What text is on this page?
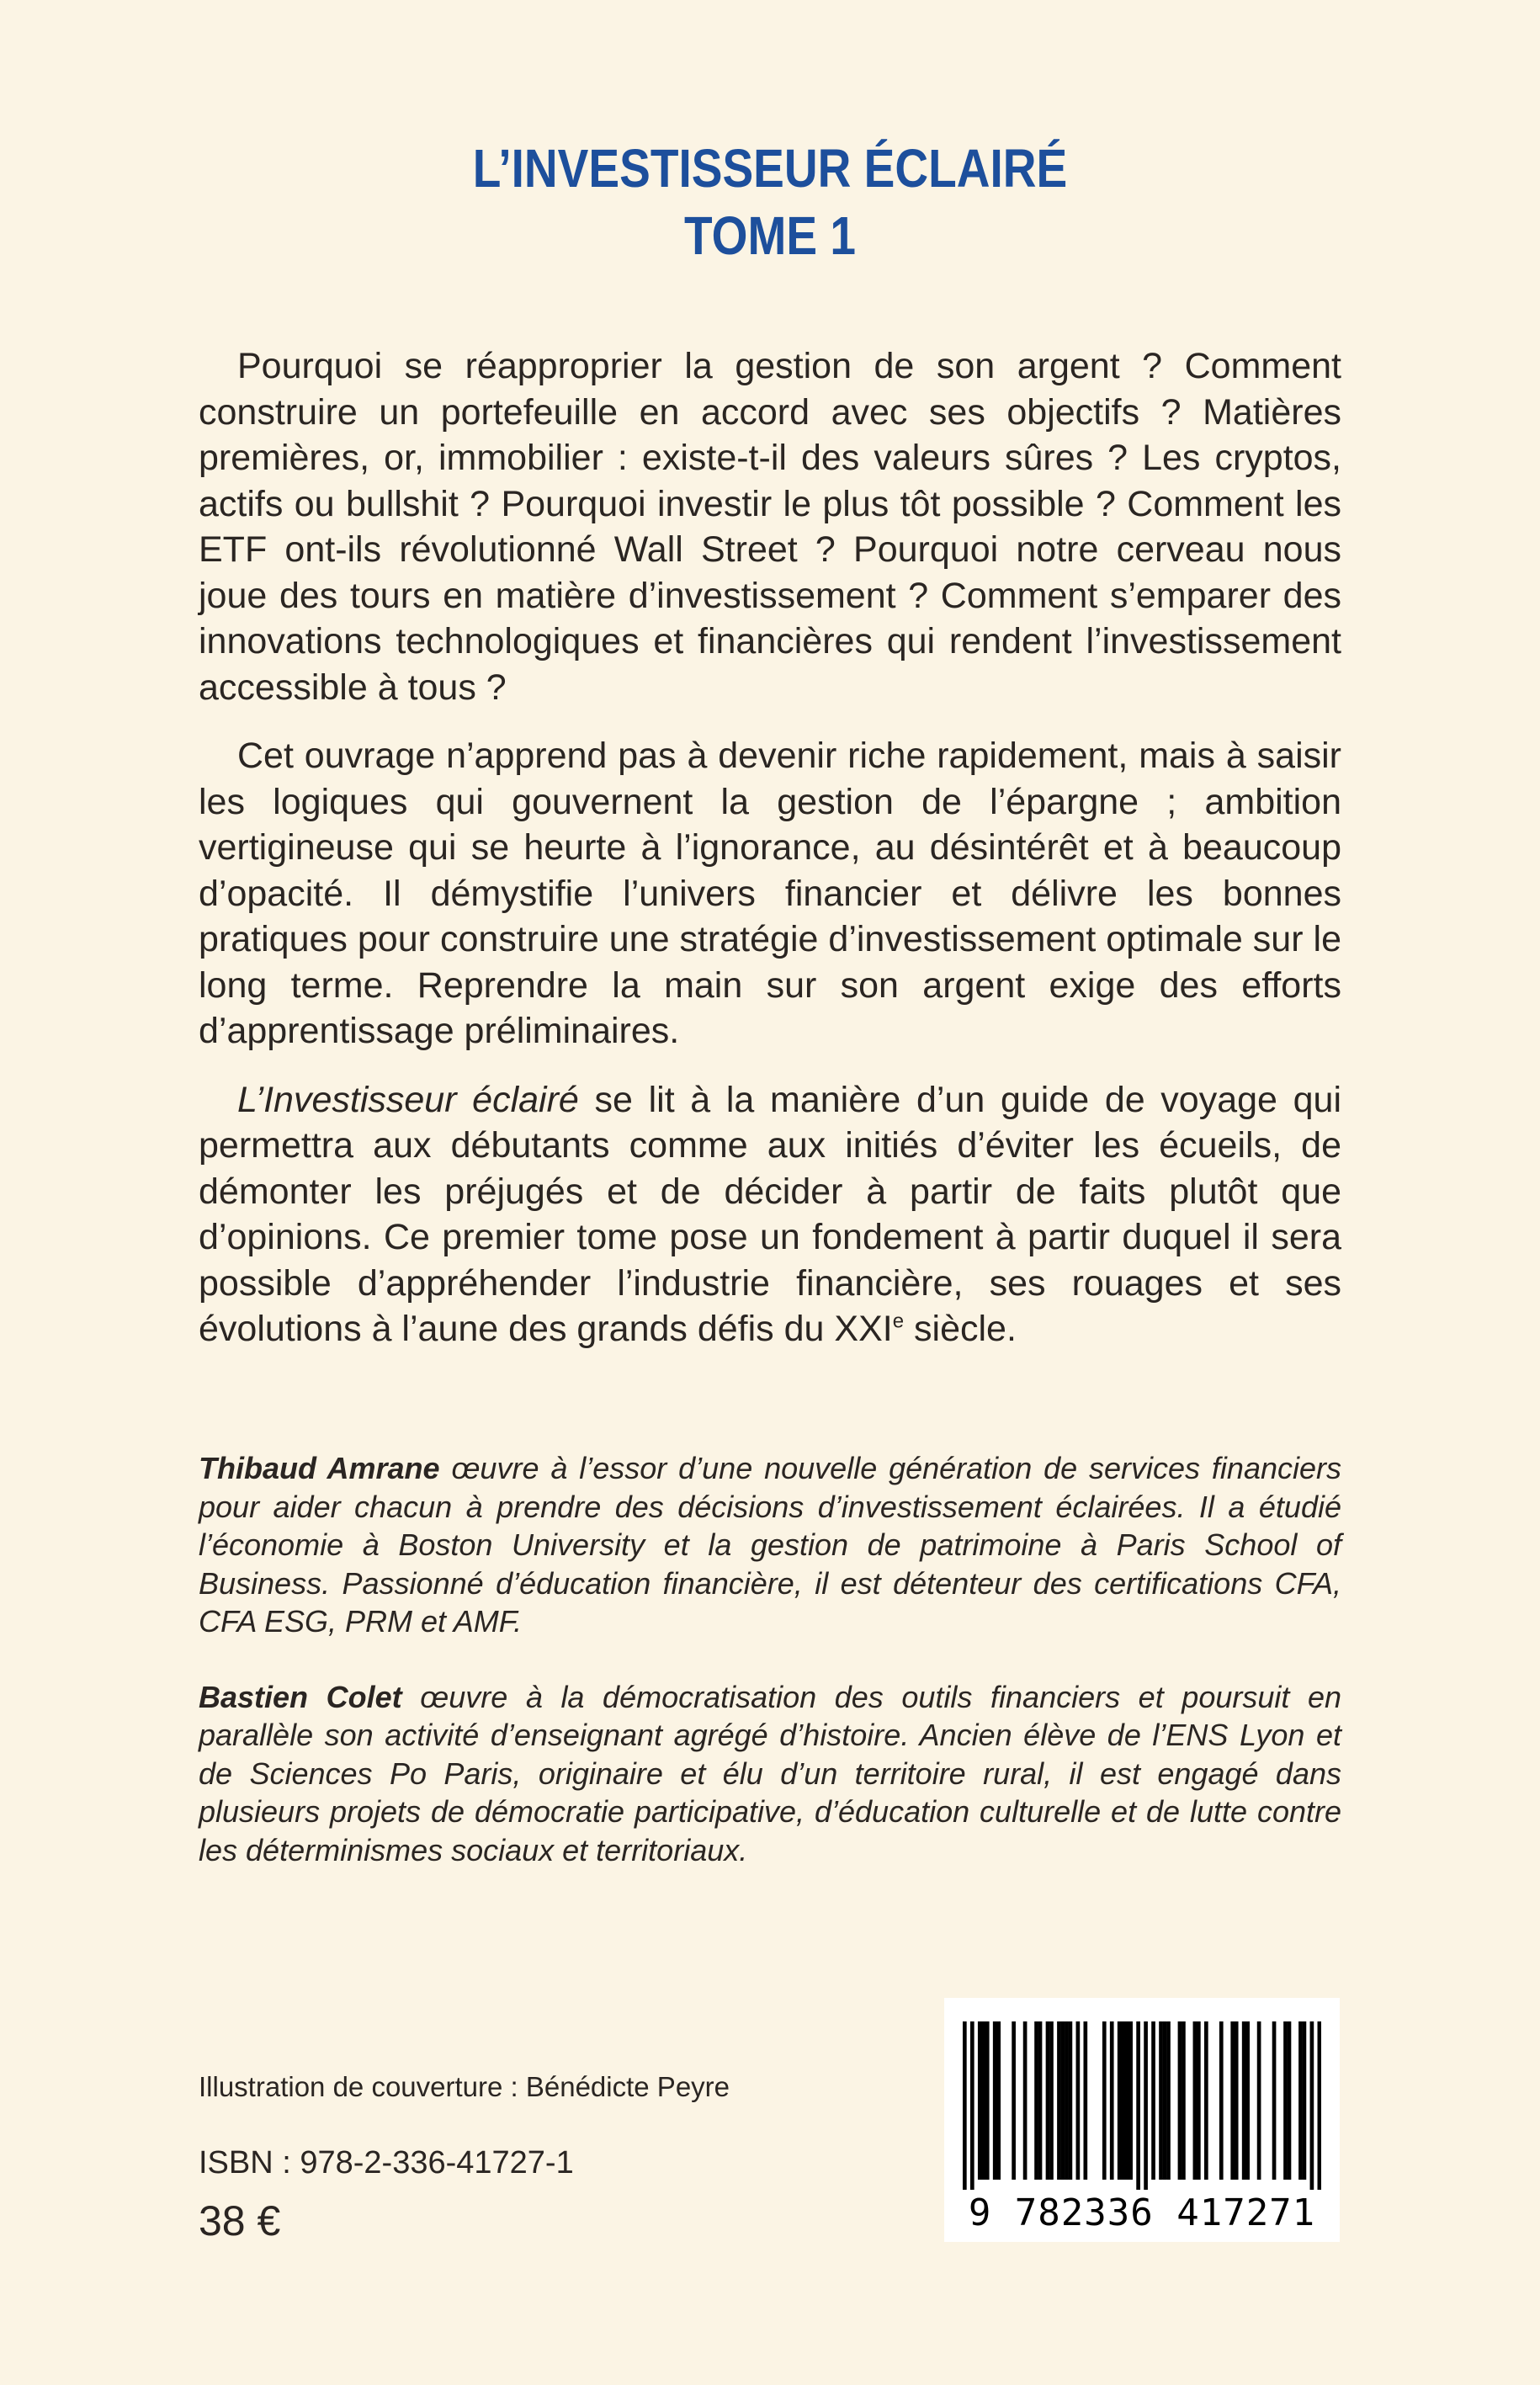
L’INVESTISSEUR ÉCLAIRÉ
TOME 1

Pourquoi se réapproprier la gestion de son argent ? Comment construire un portefeuille en accord avec ses objectifs ? Matières premières, or, immobilier : existe-t-il des valeurs sûres ? Les cryptos, actifs ou bullshit ? Pourquoi investir le plus tôt possible ? Comment les ETF ont-ils révolutionné Wall Street ? Pourquoi notre cerveau nous joue des tours en matière d’investissement ? Comment s’emparer des innovations technologiques et financières qui rendent l’investissement accessible à tous ?

Cet ouvrage n’apprend pas à devenir riche rapidement, mais à saisir les logiques qui gouvernent la gestion de l’épargne ; ambition vertigineuse qui se heurte à l’ignorance, au désintérêt et à beaucoup d’opacité. Il démystifie l’univers financier et délivre les bonnes pratiques pour construire une stratégie d’investissement optimale sur le long terme. Reprendre la main sur son argent exige des efforts d’apprentissage préliminaires.

L’Investisseur éclairé se lit à la manière d’un guide de voyage qui permettra aux débutants comme aux initiés d’éviter les écueils, de démonter les préjugés et de décider à partir de faits plutôt que d’opinions. Ce premier tome pose un fondement à partir duquel il sera possible d’appréhender l’industrie financière, ses rouages et ses évolutions à l’aune des grands défis du XXIe siècle.

Thibaud Amrane œuvre à l’essor d’une nouvelle génération de services financiers pour aider chacun à prendre des décisions d’investissement éclairées. Il a étudié l’économie à Boston University et la gestion de patrimoine à Paris School of Business. Passionné d’éducation financière, il est détenteur des certifications CFA, CFA ESG, PRM et AMF.

Bastien Colet œuvre à la démocratisation des outils financiers et poursuit en parallèle son activité d’enseignant agrégé d’histoire. Ancien élève de l’ENS Lyon et de Sciences Po Paris, originaire et élu d’un territoire rural, il est engagé dans plusieurs projets de démocratie participative, d’éducation culturelle et de lutte contre les déterminismes sociaux et territoriaux.

Illustration de couverture : Bénédicte Peyre
ISBN : 978-2-336-41727-1
38 €	9 782336 417271
